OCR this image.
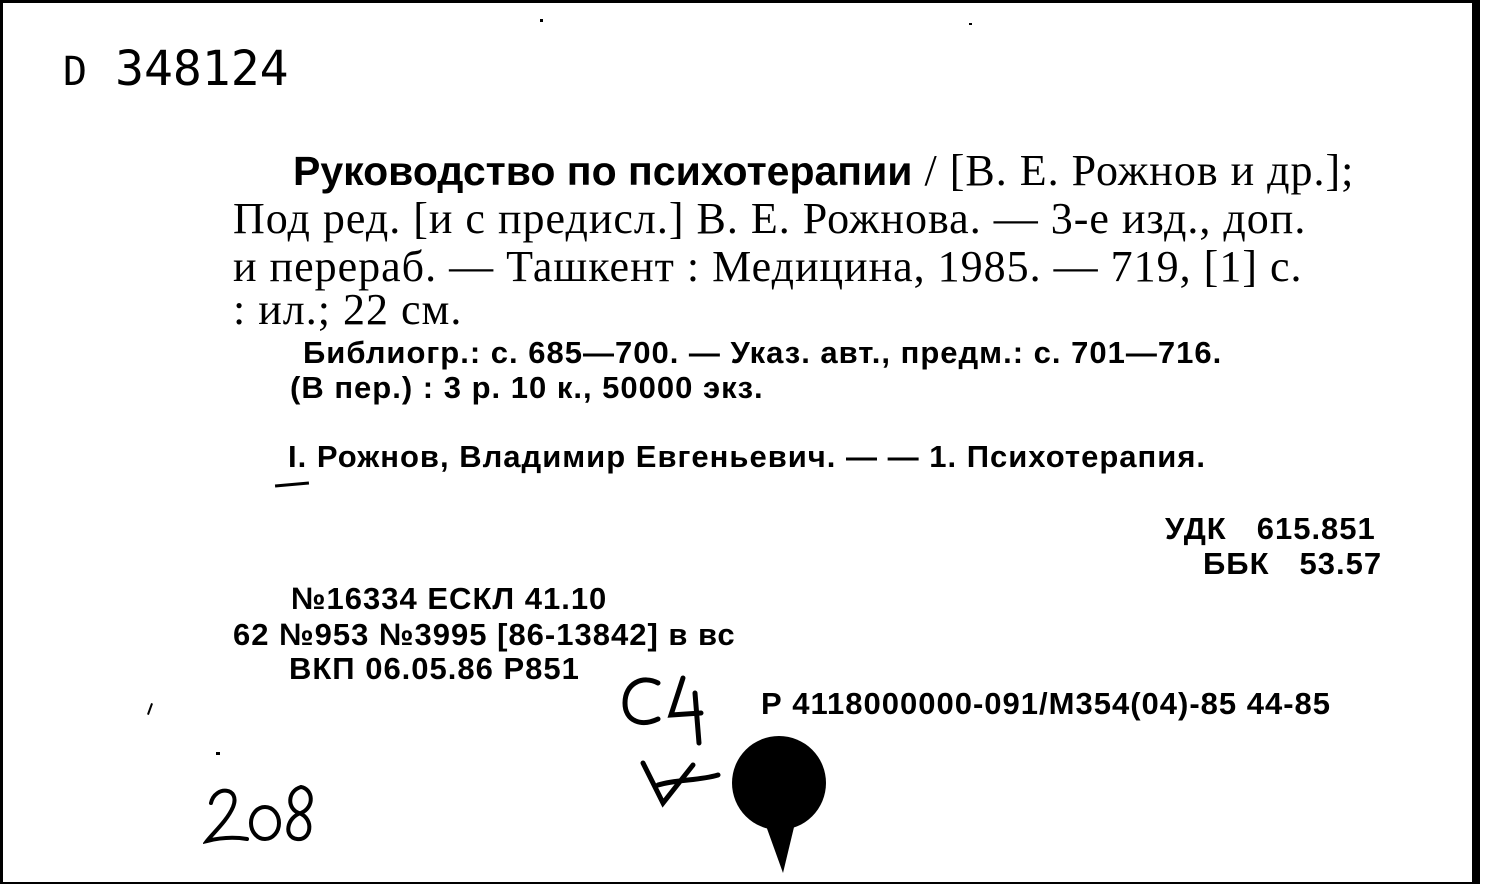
D 348124
Руководство по психотерапии / [В. Е. Рожнов и др.];
Под ред. [и с предисл.] В. Е. Рожнова. — 3-е изд., доп.
и перераб. — Ташкент : Медицина, 1985. — 719, [1] с.
: ил.; 22 см.
Библиогр.: с. 685—700. — Указ. авт., предм.: с. 701—716.
(В пер.) : 3 р. 10 к., 50000 экз.
I. Рожнов, Владимир Евгеньевич. — — 1. Психотерапия.
УДК 615.851
ББК 53.57
№16334 ЕСКЛ 41.10
62 №953 №3995 [86-13842] в вс
ВКП 06.05.86 Р851
Р 4118000000-091/М354(04)-85 44-85
